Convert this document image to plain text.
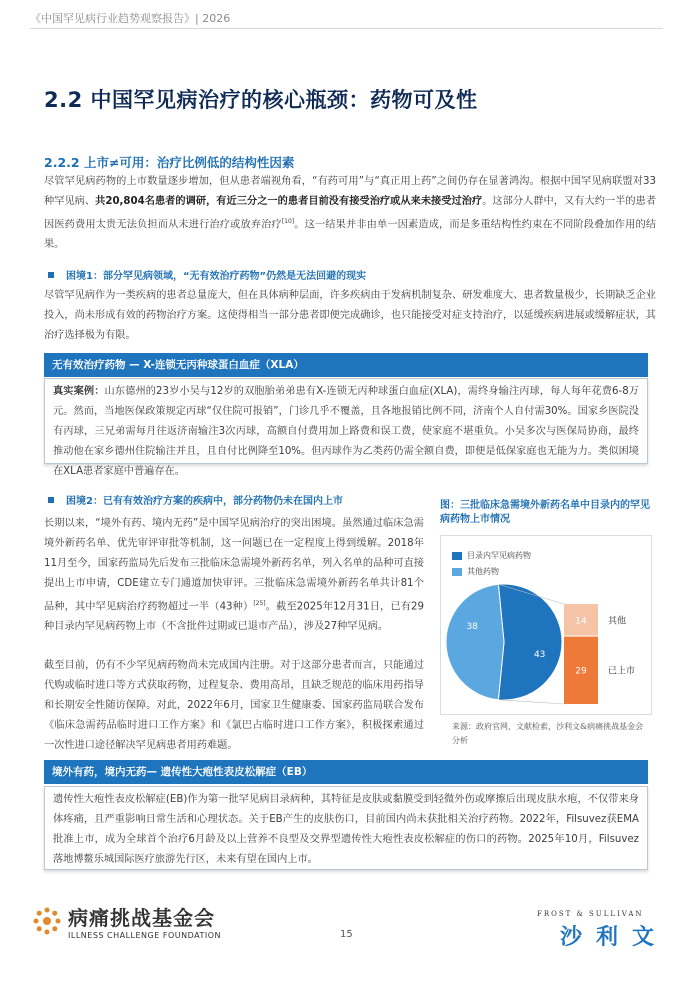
《中国罕见病行业趋势观察报告》| 2026
2.2 中国罕见病治疗的核心瓶颈：药物可及性
2.2.2 上市≠可用：治疗比例低的结构性因素
尽管罕见病药物的上市数量逐步增加，但从患者端视角看，“有药可用”与“真正用上药”之间仍存在显著鸿沟。根据中国罕见病联盟对33种罕见病、共20,804名患者的调研，有近三分之一的患者目前没有接受治疗或从来未接受过治疗。这部分人群中，又有大约一半的患者因医药费用太贵无法负担而从未进行治疗或放弃治疗[10]。这一结果并非由单一因素造成，而是多重结构性约束在不同阶段叠加作用的结果。
困境1：部分罕见病领域，“无有效治疗药物”仍然是无法回避的现实
尽管罕见病作为一类疾病的患者总量庞大，但在具体病种层面，许多疾病由于发病机制复杂、研发难度大、患者数量极少，长期缺乏企业投入，尚未形成有效的药物治疗方案。这使得相当一部分患者即便完成确诊，也只能接受对症支持治疗，以延缓疾病进展或缓解症状，其治疗选择极为有限。
无有效治疗药物 — X-连锁无丙种球蛋白血症（XLA）
真实案例：山东德州的23岁小吴与12岁的双胞胎弟弟患有X-连锁无丙种球蛋白血症(XLA)，需终身输注丙球，每人每年花费6-8万元。然而，当地医保政策规定丙球“仅住院可报销”，门诊几乎不覆盖，且各地报销比例不同，济南个人自付需30%。国家乡医院没有丙球，三兄弟需每月往返济南输注3次丙球，高额自付费用加上路费和误工费，使家庭不堪重负。小吴多次与医保局协商，最终推动他在家乡德州住院输注并且，且自付比例降至10%。但丙球作为乙类药仍需全额自费，即便是低保家庭也无能为力。类似困境在XLA患者家庭中普遍存在。
困境2：已有有效治疗方案的疾病中，部分药物仍未在国内上市
长期以来，“境外有药、境内无药”是中国罕见病治疗的突出困境。虽然通过临床急需境外新药名单、优先审评审批等机制，这一问题已在一定程度上得到缓解。2018年11月至今，国家药监局先后发布三批临床急需境外新药名单，列入名单的品种可直接提出上市申请，CDE建立专门通道加快审评。三批临床急需境外新药名单共计81个品种，其中罕见病治疗药物超过一半（43种）[25]。截至2025年12月31日，已有29种目录内罕见病药物上市（不含批件过期或已退市产品），涉及27种罕见病。
截至目前，仍有不少罕见病药物尚未完成国内注册。对于这部分患者而言，只能通过代购或临时进口等方式获取药物，过程复杂、费用高昂，且缺乏规范的临床用药指导和长期安全性随访保障。对此，2022年6月，国家卫生健康委、国家药监局联合发布《临床急需药品临时进口工作方案》和《氯巴占临时进口工作方案》，积极探索通过一次性进口途径解决罕见病患者用药难题。
图：三批临床急需境外新药名单中目录内的罕见病药物上市情况
目录内罕见病药物
其他药物
43
38
14
29
其他
已上市
来源：政府官网，文献检索，沙利文&病痛挑战基金会分析
境外有药，境内无药— 遗传性大疱性表皮松解症（EB）
遗传性大疱性表皮松解症(EB)作为第一批罕见病目录病种，其特征是皮肤或黏膜受到轻微外伤或摩擦后出现皮肤水疱，不仅带来身体疼痛，且严重影响日常生活和心理状态。关于EB产生的皮肤伤口，目前国内尚未获批相关治疗药物。2022年，Filsuvez获EMA批准上市，成为全球首个治疗6月龄及以上营养不良型及交界型遗传性大疱性表皮松解症的伤口的药物。2025年10月，Filsuvez 落地博鳌乐城国际医疗旅游先行区，未来有望在国内上市。
病痛挑战基金会
ILLNESS CHALLENGE FOUNDATION	15
FROST & SULLIVAN
沙利文
